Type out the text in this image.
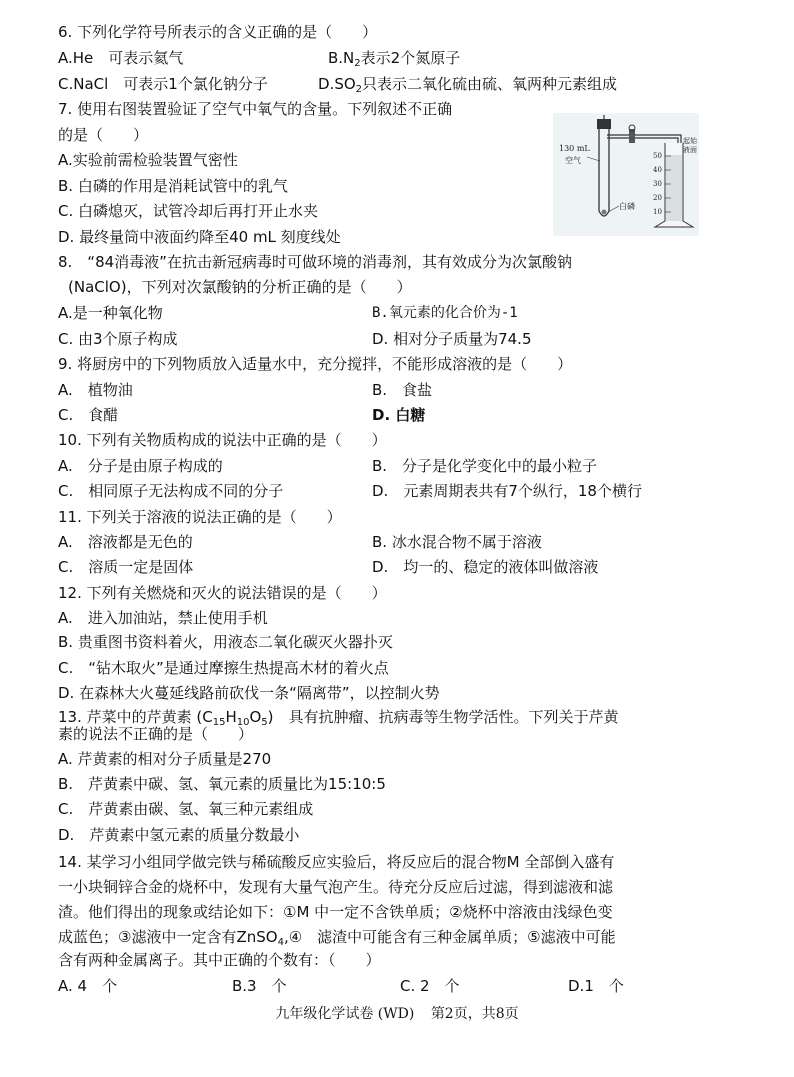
6. 下列化学符号所表示的含义正确的是（　　）
A.He　可表示氦气	$B.N_2$表示2个氮原子
C.NaCl　可表示1个氯化钠分子	$D.SO_2$只表示二氧化硫由硫、氧两种元素组成
7. 使用右图装置验证了空气中氧气的含量。下列叙述不正确
的是（　　）
A.实验前需检验装置气密性
B. 白磷的作用是消耗试管中的乳气
C. 白磷熄灭，试管冷却后再打开止水夹
D. 最终量筒中液面约降至40 mL 刻度线处
130 mL
空气
白磷
50
40
30
20
10
起始
液面
8.　“84消毒液”在抗击新冠病毒时可做环境的消毒剂，其有效成分为次氯酸钠
(NaClO)，下列对次氯酸钠的分析正确的是（　　）
A.是一种氧化物	B.氧元素的化合价为-1
C. 由3个原子构成	D. 相对分子质量为74.5
9. 将厨房中的下列物质放入适量水中，充分搅拌，不能形成溶液的是（　　）
A.　植物油	B.　食盐
C.　食醋	D. 白糖
10. 下列有关物质构成的说法中正确的是（　　）
A.　分子是由原子构成的	B.　分子是化学变化中的最小粒子
C.　相同原子无法构成不同的分子	D.　元素周期表共有7个纵行，18个横行
11. 下列关于溶液的说法正确的是（　　）
A.　溶液都是无色的	B. 冰水混合物不属于溶液
C.　溶质一定是固体	D.　均一的、稳定的液体叫做溶液
12. 下列有关燃烧和灭火的说法错误的是（　　）
A.　进入加油站，禁止使用手机
B. 贵重图书资料着火，用液态二氧化碳灭火器扑灭
C.　“钻木取火”是通过摩擦生热提高木材的着火点
D. 在森林大火蔓延线路前砍伐一条“隔离带”，以控制火势
13. 芹菜中的芹黄素 $(C_{15}H_{10}O_5)$　具有抗肿瘤、抗病毒等生物学活性。下列关于芹黄
素的说法不正确的是（　　）
A. 芹黄素的相对分子质量是270
B.　芹黄素中碳、氢、氧元素的质量比为15:10:5
C.　芹黄素由碳、氢、氧三种元素组成
D.　芹黄素中氢元素的质量分数最小
14. 某学习小组同学做完铁与稀硫酸反应实验后，将反应后的混合物M 全部倒入盛有
一小块铜锌合金的烧杯中，发现有大量气泡产生。待充分反应后过滤，得到滤液和滤
渣。他们得出的现象或结论如下：①M 中一定不含铁单质；②烧杯中溶液由浅绿色变
成蓝色；③滤液中一定含有ZnSO$_4$,④　滤渣中可能含有三种金属单质；⑤滤液中可能
含有两种金属离子。其中正确的个数有：（　　）
A. 4　个	B.3　个	C. 2　个	D.1　个
九年级化学试卷 (WD) 第2页，共8页
